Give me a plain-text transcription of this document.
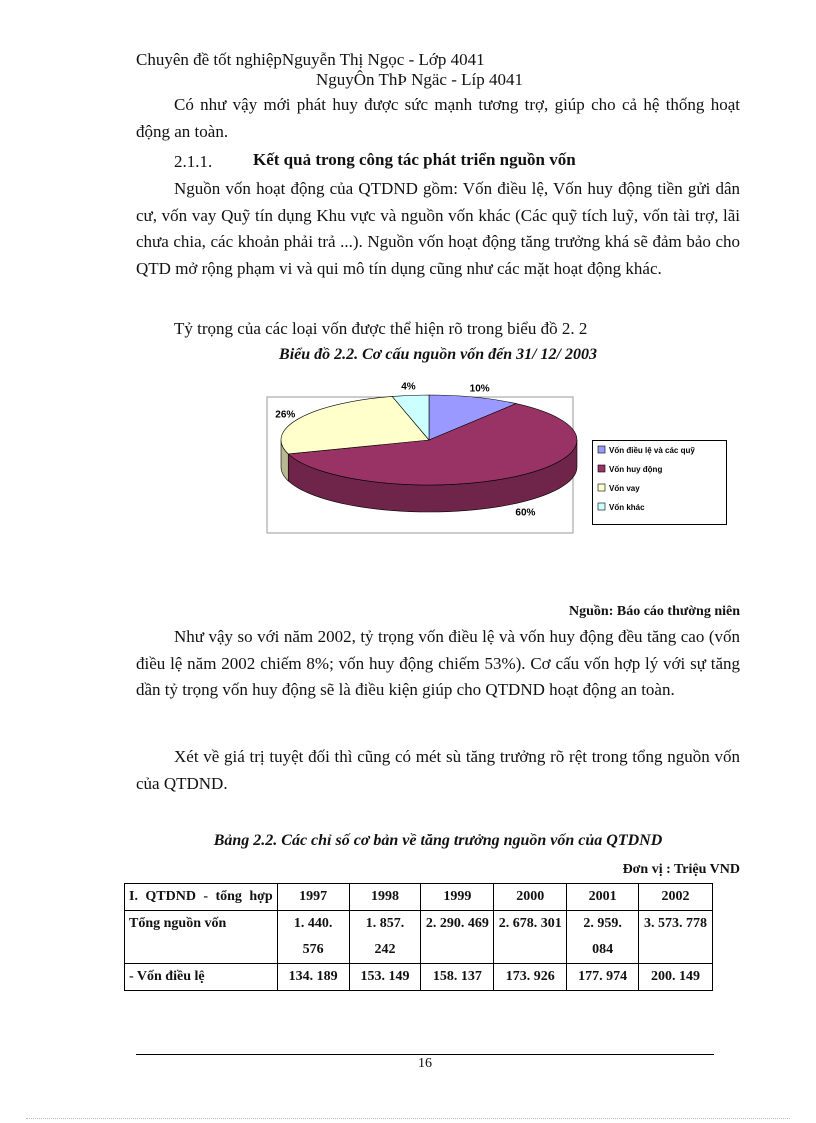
Chuyên đề tốt nghiệpNguyễn Thị Ngọc - Lớp 4041
NguyÔn ThÞ Ngäc - Líp 4041
Có như vậy mới phát huy được sức mạnh tương trợ, giúp cho cả hệ thống hoạt động an toàn.
2.1.1. Kết quả trong công tác phát triển nguồn vốn
Nguồn vốn hoạt động của QTDND gồm: Vốn điều lệ, Vốn huy động tiền gửi dân cư, vốn vay Quỹ tín dụng Khu vực và nguồn vốn khác (Các quỹ tích luỹ, vốn tài trợ, lãi chưa chia, các khoản phải trả ...). Nguồn vốn hoạt động tăng trưởng khá sẽ đảm bảo cho QTD mở rộng phạm vi và qui mô tín dụng cũng như các mặt hoạt động khác.
Tỷ trọng của các loại vốn được thể hiện rõ trong biểu đồ 2. 2
Biểu đồ 2.2. Cơ cấu nguồn vốn đến 31/ 12/ 2003
10%
60%
26%
4%
Nguồn: Báo cáo thường niên
Như vậy so với năm 2002, tỷ trọng vốn điều lệ và vốn huy động đều tăng cao (vốn điều lệ năm 2002 chiếm 8%; vốn huy động chiếm 53%). Cơ cấu vốn hợp lý với sự tăng dần tỷ trọng vốn huy động sẽ là điều kiện giúp cho QTDND hoạt động an toàn.
Xét về giá trị tuyệt đối thì cũng có mét sù tăng trưởng rõ rệt trong tổng nguồn vốn của QTDND.
Bảng 2.2. Các chỉ số cơ bản về tăng trưởng nguồn vốn của QTDND
Đơn vị : Triệu VND
I. QTDND - tổng hợp	1997	1998	1999	2000	2001	2002
Tổng nguồn vốn	1. 440. 576	1. 857. 242	2. 290. 469	2. 678. 301	2. 959. 084	3. 573. 778
- Vốn điều lệ	134. 189	153. 149	158. 137	173. 926	177. 974	200. 149
16
Vốn điều lệ và các quỹ
Vốn huy động
Vốn vay
Vốn khác
